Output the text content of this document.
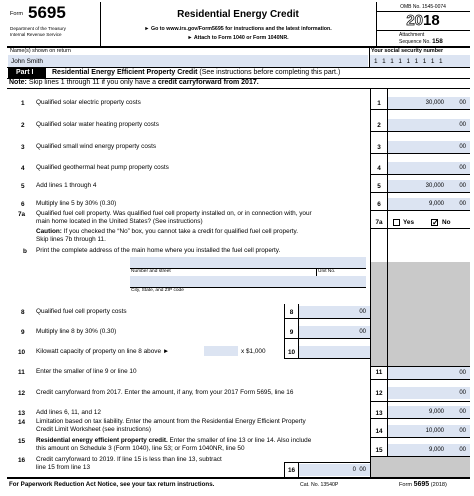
Form 5695
Department of the Treasury
Internal Revenue Service
Residential Energy Credit
► Go to www.irs.gov/Form5695 for instructions and the latest information.
► Attach to Form 1040 or Form 1040NR.
OMB No. 1545-0074
2018
Attachment
Sequence No. 158
Name(s) shown on return	Your social security number
John Smith	1 1 1 1 1 1 1 1 1
Part I	Residential Energy Efficient Property Credit (See instructions before completing this part.)
Note: Skip lines 1 through 11 if you only have a credit carryforward from 2017.
1 Qualified solar electric property costs	1	30,000	00
2 Qualified solar water heating property costs	2	00
3 Qualified small wind energy property costs	3	00
4 Qualified geothermal heat pump property costs	4	00
5 Add lines 1 through 4	5	30,000	00
6 Multiply line 5 by 30% (0.30)	6	9,000	00
7a Qualified fuel cell property. Was qualified fuel cell property installed on, or in connection with, your
main home located in the United States? (See instructions)	7a	Yes ✓ No
Caution: If you checked the “No” box, you cannot take a credit for qualified fuel cell property.
Skip lines 7b through 11.
b Print the complete address of the main home where you installed the fuel cell property.
Number and street	Unit No.
City, State, and ZIP code
8 Qualified fuel cell property costs	8	00
9 Multiply line 8 by 30% (0.30)	9	00
10 Kilowatt capacity of property on line 8 above ►	x $1,000	10
11 Enter the smaller of line 9 or line 10	11	00
12 Credit carryforward from 2017. Enter the amount, if any, from your 2017 Form 5695, line 16	12	00
13 Add lines 6, 11, and 12	13	9,000	00
14 Limitation based on tax liability. Enter the amount from the Residential Energy Efficient Property
Credit Limit Worksheet (see instructions)	14	10,000	00
15 Residential energy efficient property credit. Enter the smaller of line 13 or line 14. Also include
this amount on Schedule 3 (Form 1040), line 53; or Form 1040NR, line 50	15	9,000	00
16 Credit carryforward to 2019. If line 15 is less than line 13, subtract
line 15 from line 13	16	0 00
For Paperwork Reduction Act Notice, see your tax return instructions.	Cat. No. 13540P	Form 5695 (2018)
